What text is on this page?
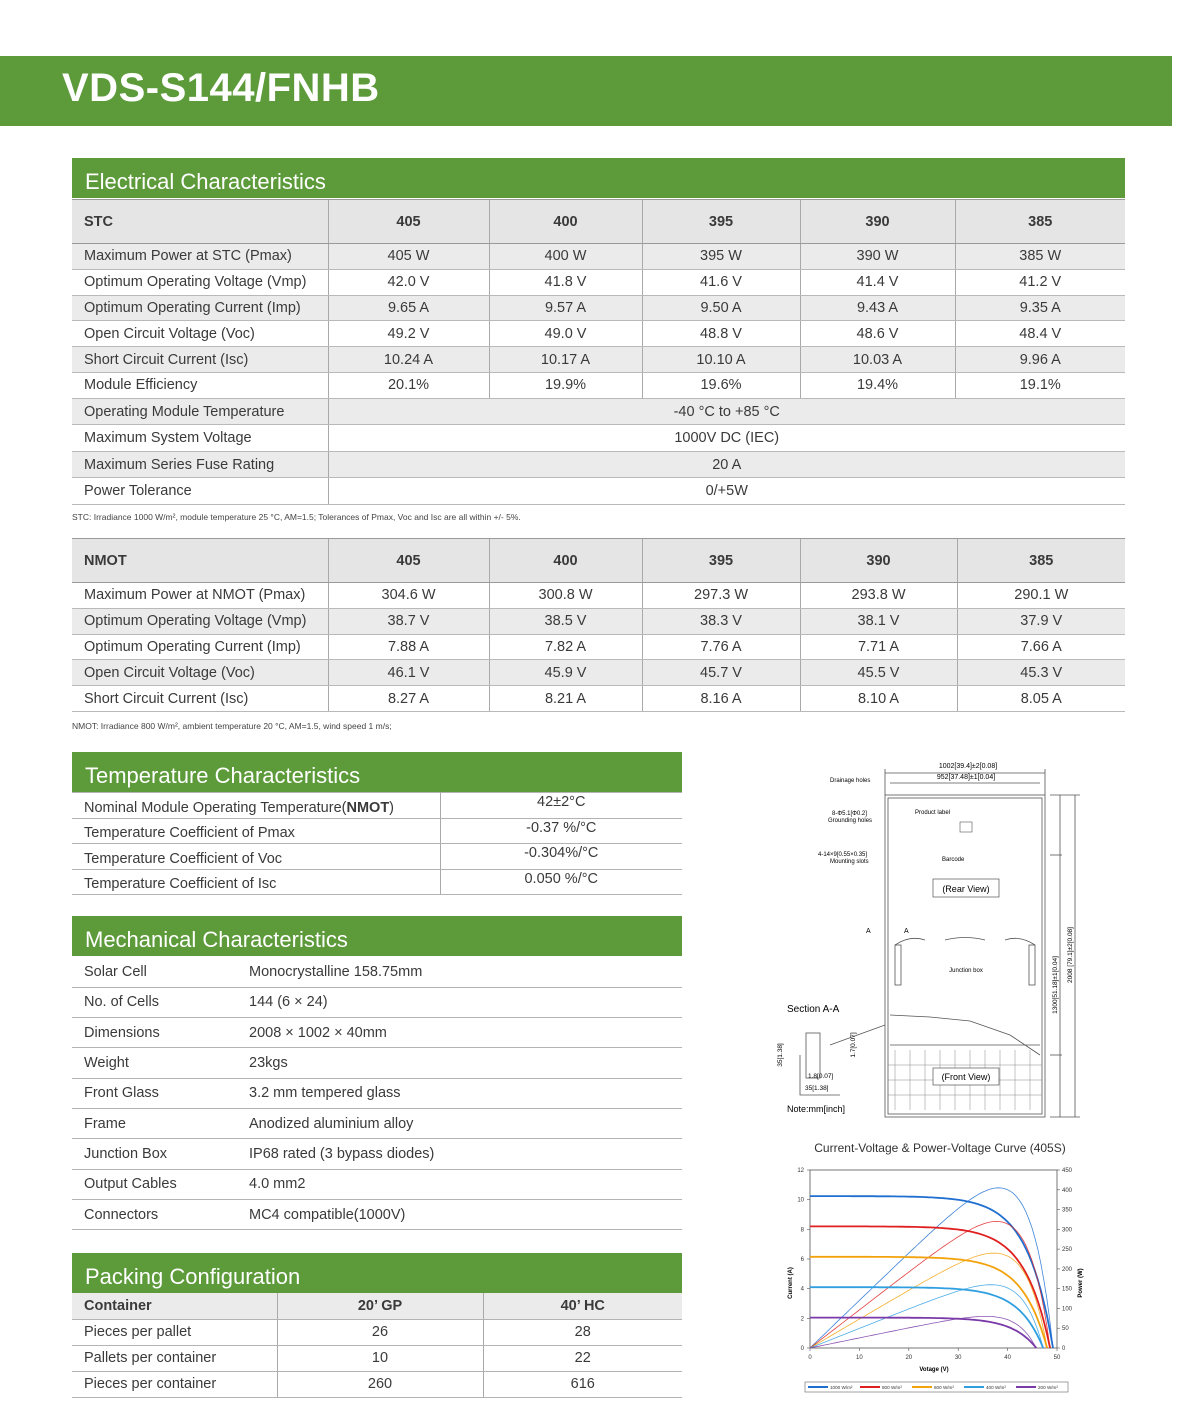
VDS-S144/FNHB
Electrical Characteristics
STC	405	400	395	390	385
Maximum Power at STC (Pmax)	405 W	400 W	395 W	390 W	385 W
Optimum Operating Voltage (Vmp)	42.0 V	41.8 V	41.6 V	41.4 V	41.2 V
Optimum Operating Current (Imp)	9.65 A	9.57 A	9.50 A	9.43 A	9.35 A
Open Circuit Voltage (Voc)	49.2 V	49.0 V	48.8 V	48.6 V	48.4 V
Short Circuit Current (Isc)	10.24 A	10.17 A	10.10 A	10.03 A	9.96 A
Module Efficiency	20.1%	19.9%	19.6%	19.4%	19.1%
Operating Module Temperature	-40 °C to +85 °C				
Maximum System Voltage	1000V DC (IEC)				
Maximum Series Fuse Rating	20 A				
Power Tolerance	0/+5W				
STC: Irradiance 1000 W/m², module temperature 25 °C, AM=1.5; Tolerances of Pmax, Voc and Isc are all within +/- 5%.
NMOT	405	400	395	390	385
Maximum Power at NMOT (Pmax)	304.6 W	300.8 W	297.3 W	293.8 W	290.1 W
Optimum Operating Voltage (Vmp)	38.7 V	38.5 V	38.3 V	38.1 V	37.9 V
Optimum Operating Current (Imp)	7.88 A	7.82 A	7.76 A	7.71 A	7.66 A
Open Circuit Voltage (Voc)	46.1 V	45.9 V	45.7 V	45.5 V	45.3 V
Short Circuit Current (Isc)	8.27 A	8.21 A	8.16 A	8.10 A	8.05 A
NMOT: Irradiance 800 W/m², ambient temperature 20 °C, AM=1.5, wind speed 1 m/s;
Temperature Characteristics
Nominal Module Operating Temperature(NMOT)	42±2°C
Temperature Coefficient of Pmax	-0.37 %/°C
Temperature Coefficient of Voc	-0.304%/°C
Temperature Coefficient of Isc	0.050 %/°C
Mechanical Characteristics
Solar Cell	Monocrystalline 158.75mm
No. of Cells	144 (6 × 24)
Dimensions	2008 × 1002 × 40mm
Weight	23kgs
Front Glass	3.2 mm tempered glass
Frame	Anodized aluminium alloy
Junction Box	IP68 rated (3 bypass diodes)
Output Cables	4.0 mm2
Connectors	MC4 compatible(1000V)
Packing Configuration
Container	20’ GP	40’ HC
Pieces per pallet	26	28
Pallets per container	10	22
Pieces per container	260	616
1002[39.4]±2[0.08]
952[37.48]±1[0.04]
Drainage holes
8-Φ5.1[Φ0.2]
Grounding holes
Product label
4-14×9[0.55×0.35]
Mounting slots	Barcode
(Rear View)
A	A
Junction box	1300[51.18]±1[0.04]
2008 [79.1]±2[0.08]
Section A-A
35[1.38]	1.7[0.07]
1.8[0.07]
35[1.38]
(Front View)
Note:mm[inch]
Current-Voltage & Power-Voltage Curve (405S)
0	10	20	30	40	50
0
2
4
6
8
10
12
0
50
100
150
200
250
300
350
400
450
Votage (V)
Current (A)	Power (W)
1000 W/m²	800 W/m²	600 W/m²	400 W/m²	200 W/m²
